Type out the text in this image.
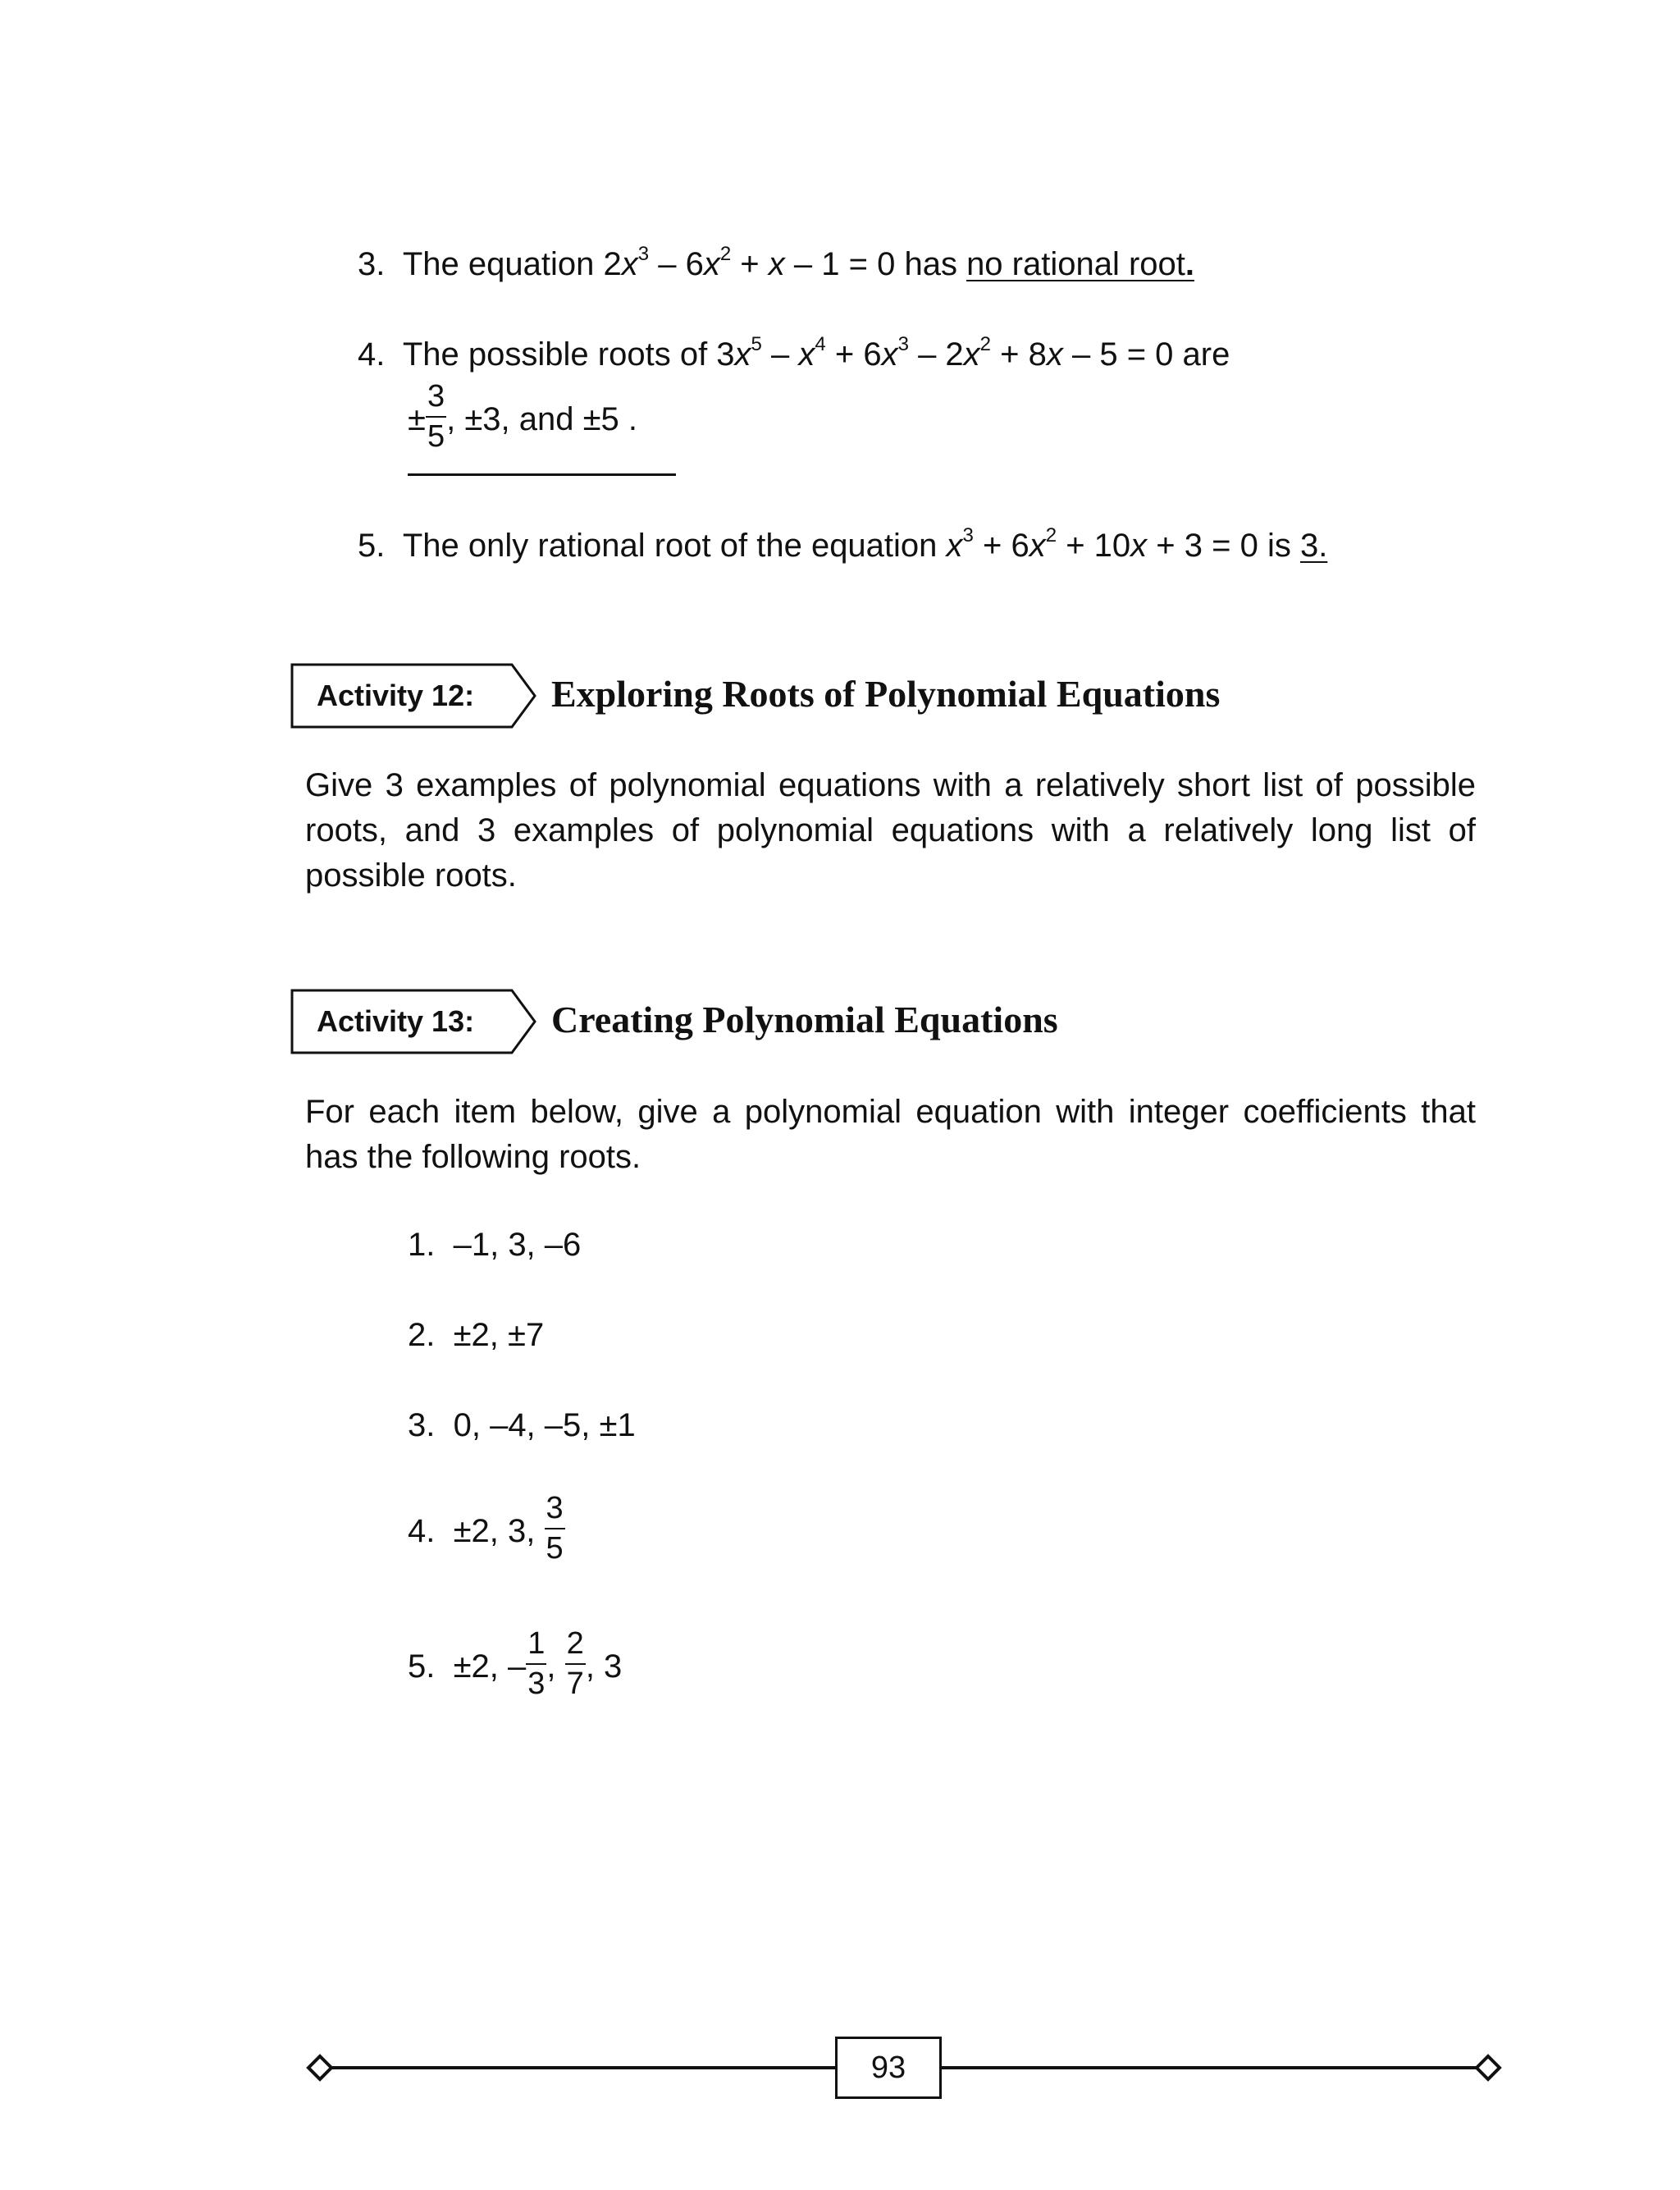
3. The equation $2x^3 - 6x^2 + x - 1 = 0$ has no rational root.
4. The possible roots of $3x^5 - x^4 + 6x^3 - 2x^2 + 8x - 5 = 0$ are
± $\frac{3}{5}$ , ±3, and ±5 .
5. The only rational root of the equation $x^3 + 6x^2 + 10x + 3 = 0$ is 3.
Activity 12: Exploring Roots of Polynomial Equations
Give 3 examples of polynomial equations with a relatively short list of possible roots, and 3 examples of polynomial equations with a relatively long list of possible roots.
Activity 13: Creating Polynomial Equations
For each item below, give a polynomial equation with integer coefficients that has the following roots.
1. –1, 3, –6
2. ±2, ±7
3. 0, –4, –5, ±1
4. ±2, 3, $\frac{3}{5}$
5. ±2, – $\frac{1}{3}$ , $\frac{2}{7}$ , 3
93
